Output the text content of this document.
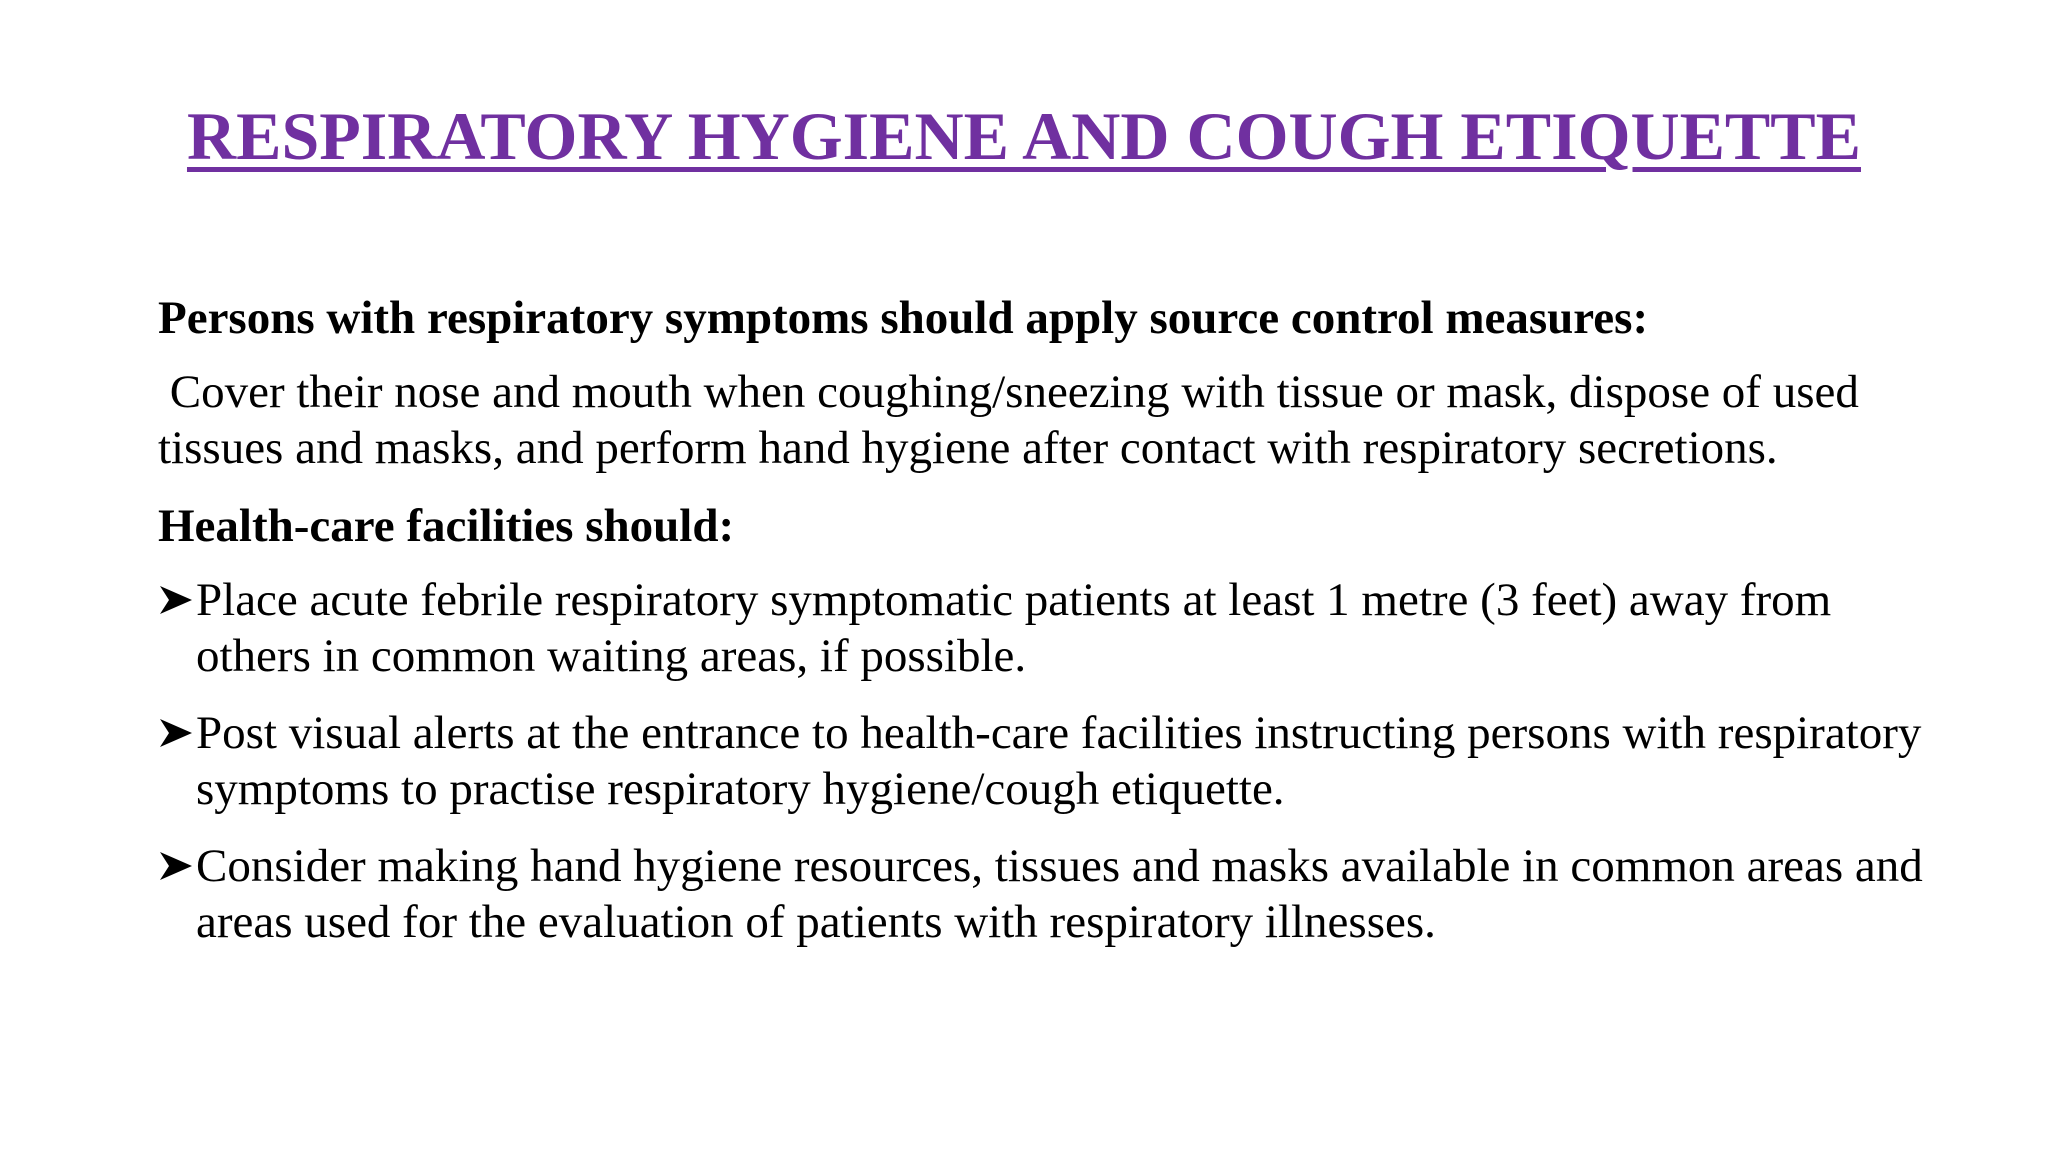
RESPIRATORY HYGIENE AND COUGH ETIQUETTE

Persons with respiratory symptoms should apply source control measures:

Cover their nose and mouth when coughing/sneezing with tissue or mask, dispose of used tissues and masks, and perform hand hygiene after contact with respiratory secretions.

Health-care facilities should:

Place acute febrile respiratory symptomatic patients at least 1 metre (3 feet) away from others in common waiting areas, if possible.
Post visual alerts at the entrance to health-care facilities instructing persons with respiratory symptoms to practise respiratory hygiene/cough etiquette.
Consider making hand hygiene resources, tissues and masks available in common areas and areas used for the evaluation of patients with respiratory illnesses.
